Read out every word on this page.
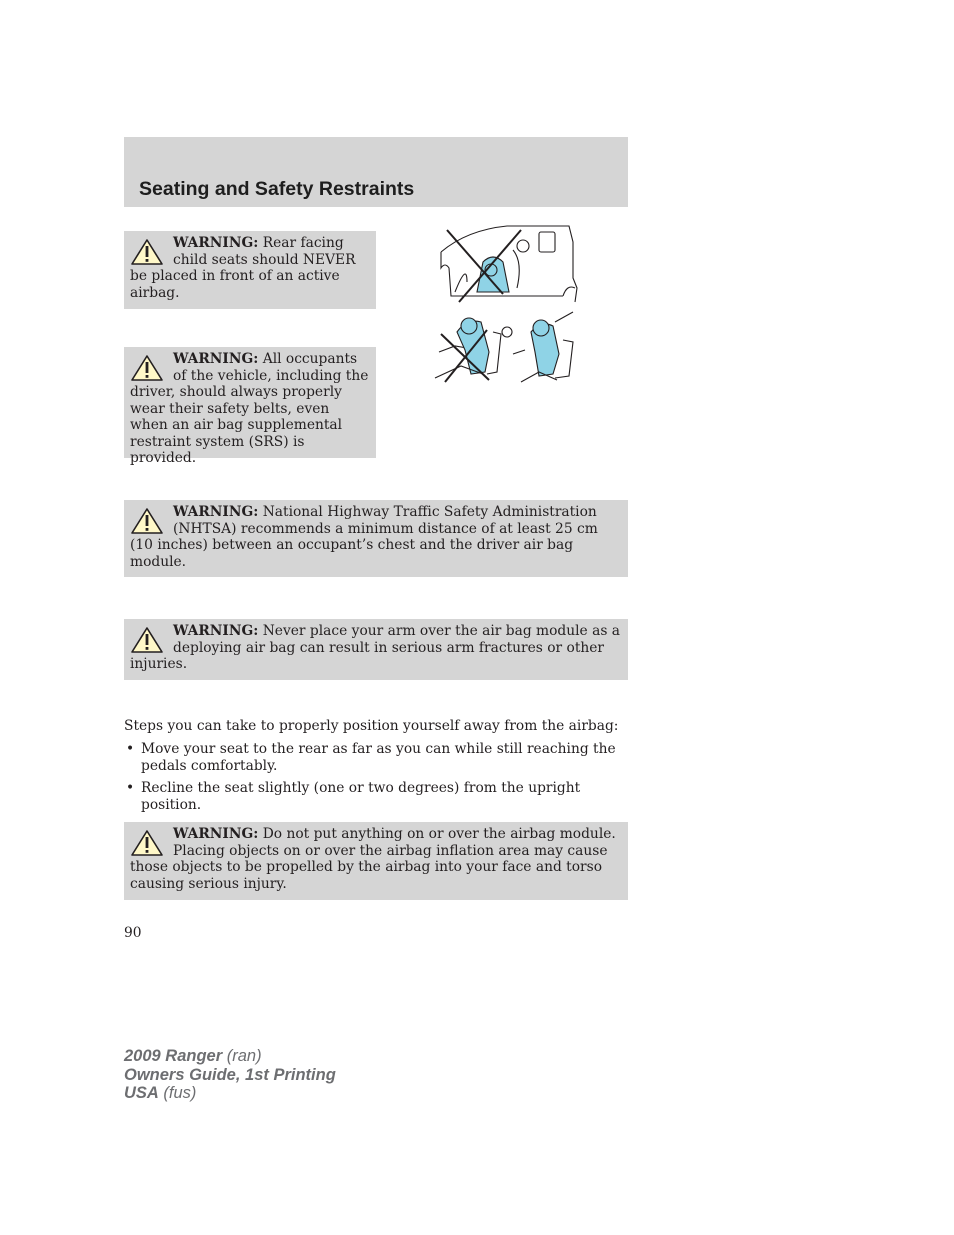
Seating and Safety Restraints
WARNING: Rear facing child seats should NEVER be placed in front of an active airbag.
WARNING: All occupants of the vehicle, including the driver, should always properly wear their safety belts, even when an air bag supplemental restraint system (SRS) is provided.
WARNING: National Highway Traffic Safety Administration (NHTSA) recommends a minimum distance of at least 25 cm (10 inches) between an occupant’s chest and the driver air bag module.
WARNING: Never place your arm over the air bag module as a deploying air bag can result in serious arm fractures or other injuries.
Steps you can take to properly position yourself away from the airbag:
• Move your seat to the rear as far as you can while still reaching the pedals comfortably.
• Recline the seat slightly (one or two degrees) from the upright position.
WARNING: Do not put anything on or over the airbag module. Placing objects on or over the airbag inflation area may cause those objects to be propelled by the airbag into your face and torso causing serious injury.
90
2009 Ranger (ran)
Owners Guide, 1st Printing
USA (fus)
